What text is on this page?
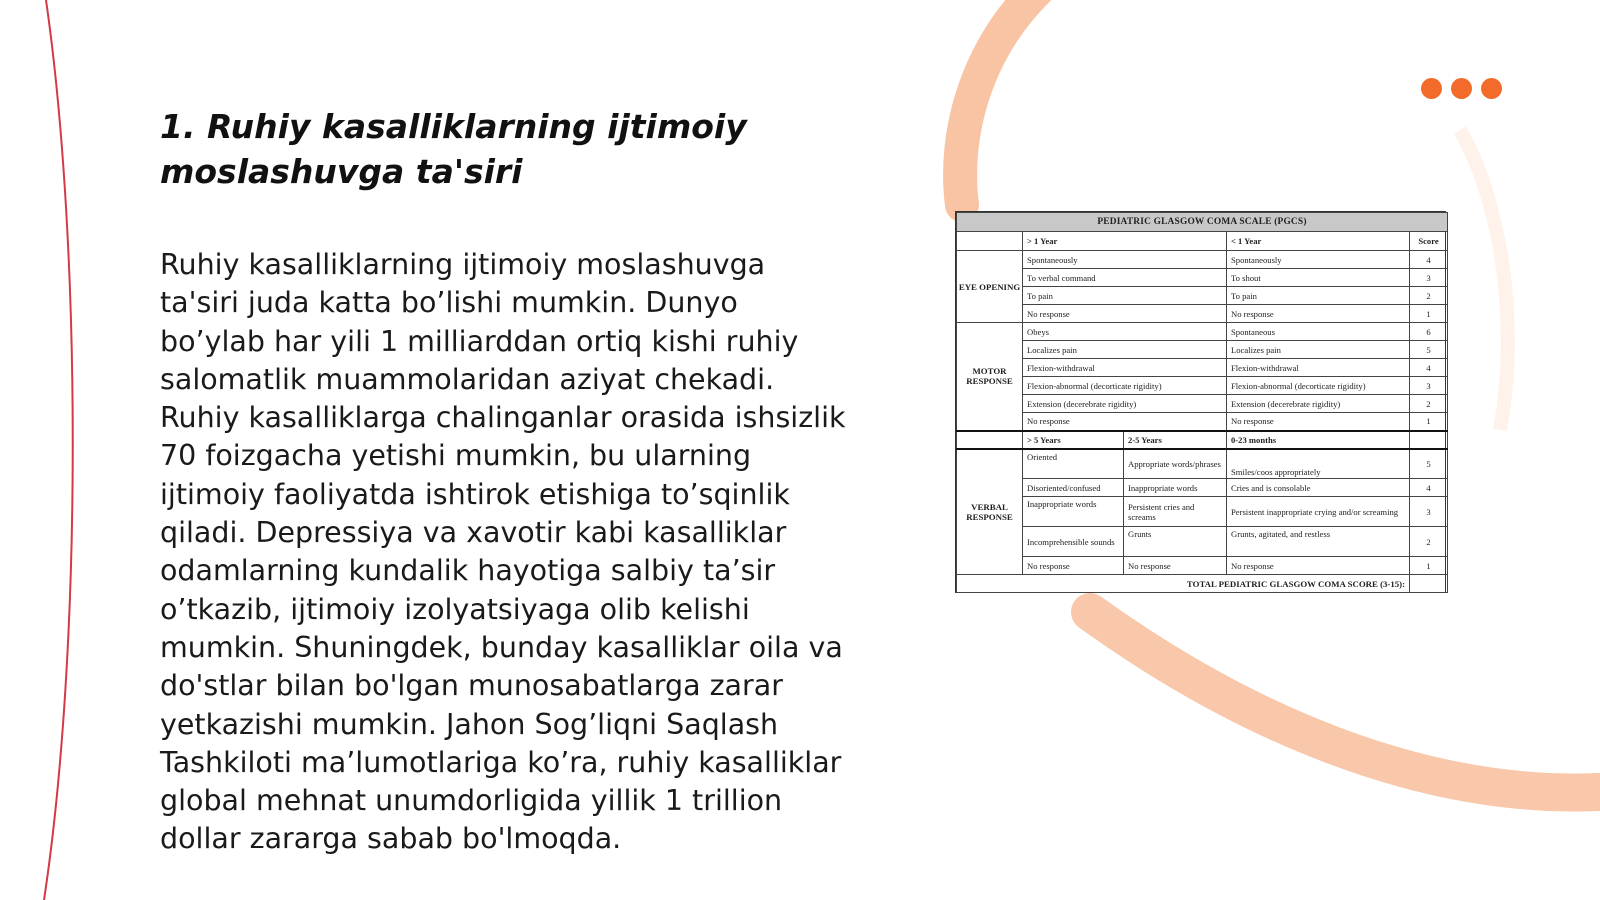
1. Ruhiy kasalliklarning ijtimoiy moslashuvga ta'siri
Ruhiy kasalliklarning ijtimoiy moslashuvga ta'siri juda katta bo’lishi mumkin. Dunyo bo’ylab har yili 1 milliarddan ortiq kishi ruhiy salomatlik muammolaridan aziyat chekadi. Ruhiy kasalliklarga chalinganlar orasida ishsizlik 70 foizgacha yetishi mumkin, bu ularning ijtimoiy faoliyatda ishtirok etishiga to’sqinlik qiladi. Depressiya va xavotir kabi kasalliklar odamlarning kundalik hayotiga salbiy ta’sir o’tkazib, ijtimoiy izolyatsiyaga olib kelishi mumkin. Shuningdek, bunday kasalliklar oila va do'stlar bilan bo'lgan munosabatlarga zarar yetkazishi mumkin. Jahon Sog’liqni Saqlash Tashkiloti ma’lumotlariga ko’ra, ruhiy kasalliklar global mehnat unumdorligida yillik 1 trillion dollar zararga sabab bo'lmoqda.
PEDIATRIC GLASGOW COMA SCALE (PGCS)				
	> 1 Year		< 1 Year	Score
EYE OPENING	Spontaneously		Spontaneously	4
	To verbal command		To shout	3
	To pain		To pain	2
	No response		No response	1
MOTOR RESPONSE	Obeys		Spontaneous	6
	Localizes pain		Localizes pain	5
	Flexion-withdrawal		Flexion-withdrawal	4
	Flexion-abnormal (decorticate rigidity)		Flexion-abnormal (decorticate rigidity)	3
	Extension (decerebrate rigidity)		Extension (decerebrate rigidity)	2
	No response		No response	1
	> 5 Years	2-5 Years	0-23 months	
VERBAL RESPONSE	Oriented	Appropriate words/phrases	Smiles/coos appropriately	5
	Disoriented/confused	Inappropriate words	Cries and is consolable	4
	Inappropriate words	Persistent cries and screams	Persistent inappropriate crying and/or screaming	3
	Incomprehensible sounds	Grunts	Grunts, agitated, and restless	2
	No response	No response	No response	1
TOTAL PEDIATRIC GLASGOW COMA SCORE (3-15):				
